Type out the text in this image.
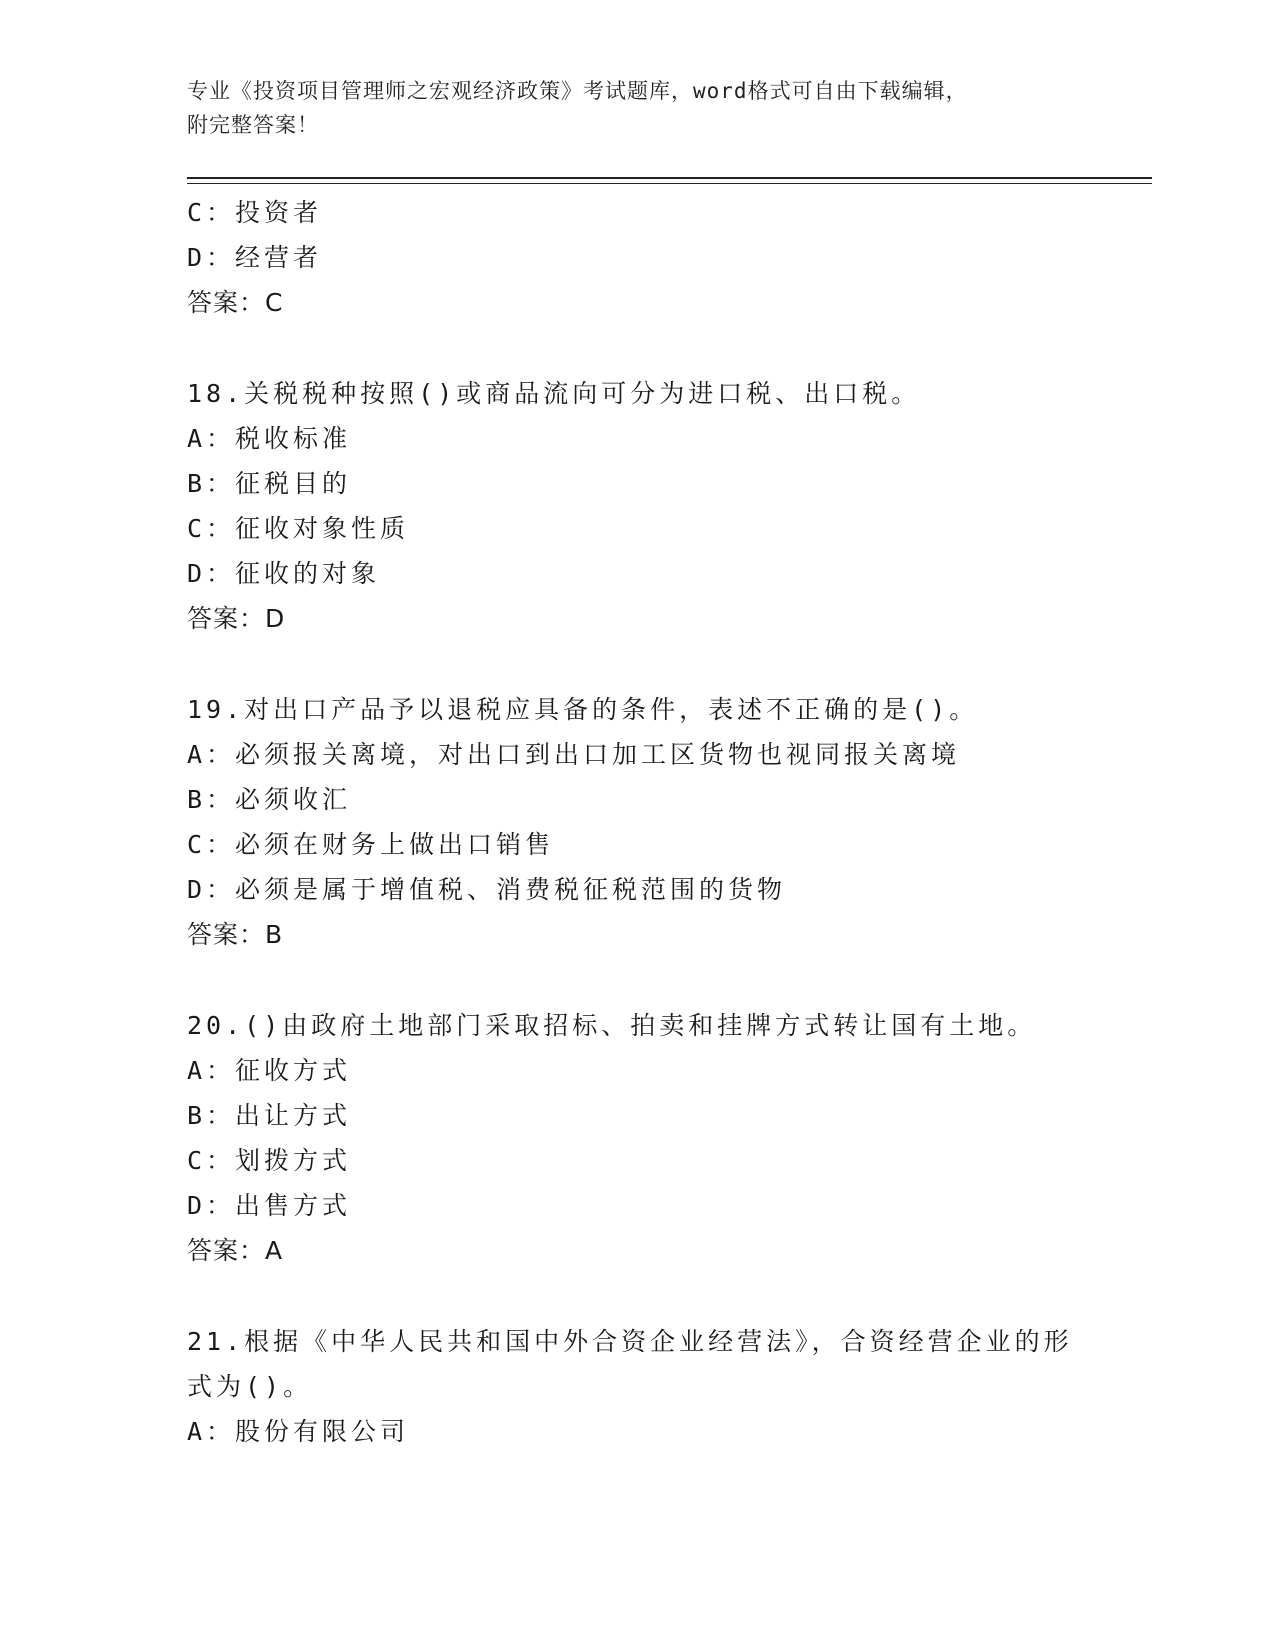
专业《投资项目管理师之宏观经济政策》考试题库，word格式可自由下载编辑，
附完整答案！
C：投资者
D：经营者
答案：C
18.关税税种按照()或商品流向可分为进口税、出口税。
A：税收标准
B：征税目的
C：征收对象性质
D：征收的对象
答案：D
19.对出口产品予以退税应具备的条件，表述不正确的是()。
A：必须报关离境，对出口到出口加工区货物也视同报关离境
B：必须收汇
C：必须在财务上做出口销售
D：必须是属于增值税、消费税征税范围的货物
答案：B
20.()由政府土地部门采取招标、拍卖和挂牌方式转让国有土地。
A：征收方式
B：出让方式
C：划拨方式
D：出售方式
答案：A
21.根据《中华人民共和国中外合资企业经营法》，合资经营企业的形
式为()。
A：股份有限公司
